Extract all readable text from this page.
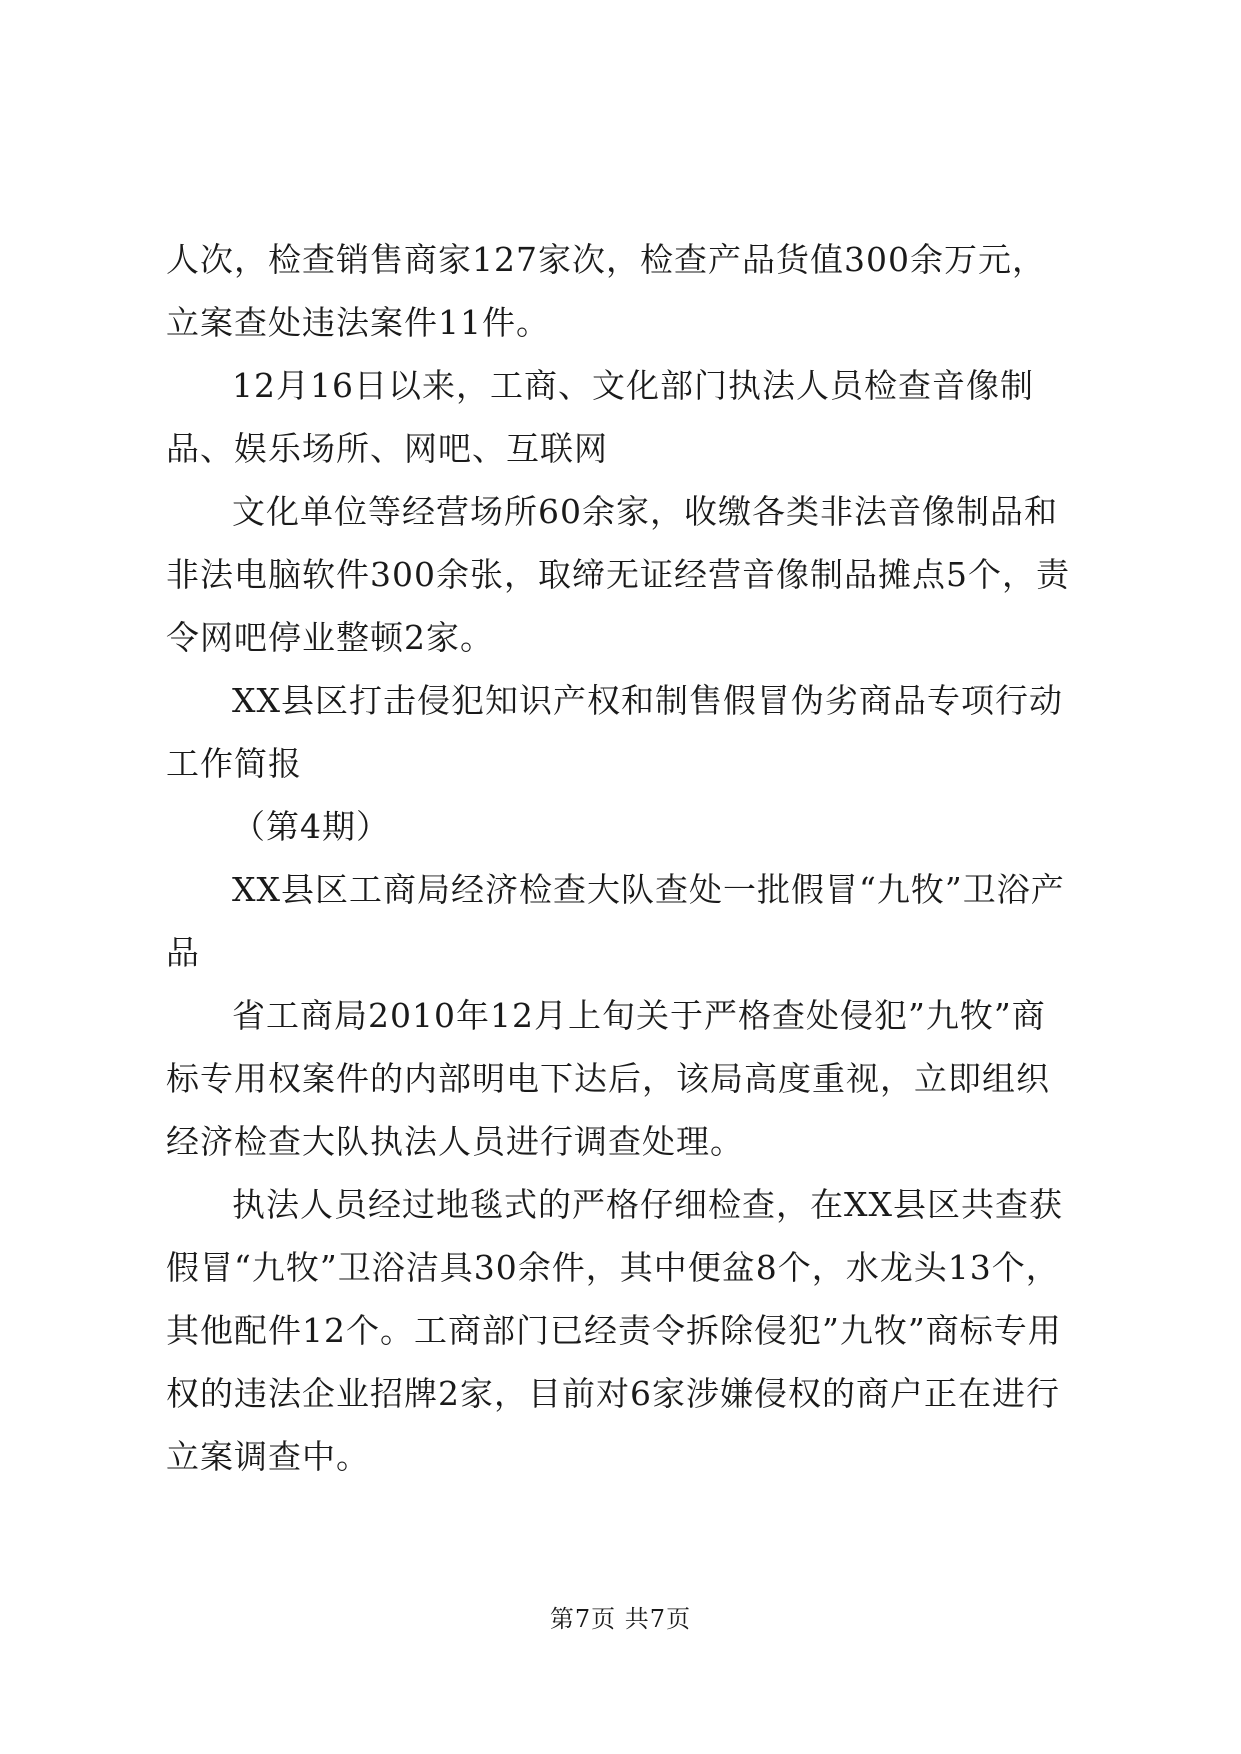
人次，检查销售商家127家次，检查产品货值300余万元，立案查处违法案件11件。

12月16日以来，工商、文化部门执法人员检查音像制品、娱乐场所、网吧、互联网

文化单位等经营场所60余家，收缴各类非法音像制品和非法电脑软件300余张，取缔无证经营音像制品摊点5个，责令网吧停业整顿2家。

XX县区打击侵犯知识产权和制售假冒伪劣商品专项行动工作简报

（第4期）

XX县区工商局经济检查大队查处一批假冒“九牧”卫浴产品

省工商局2010年12月上旬关于严格查处侵犯”九牧”商标专用权案件的内部明电下达后，该局高度重视，立即组织经济检查大队执法人员进行调查处理。

执法人员经过地毯式的严格仔细检查，在XX县区共查获假冒“九牧”卫浴洁具30余件，其中便盆8个，水龙头13个，其他配件12个。工商部门已经责令拆除侵犯”九牧”商标专用权的违法企业招牌2家，目前对6家涉嫌侵权的商户正在进行立案调查中。

第7页 共7页
